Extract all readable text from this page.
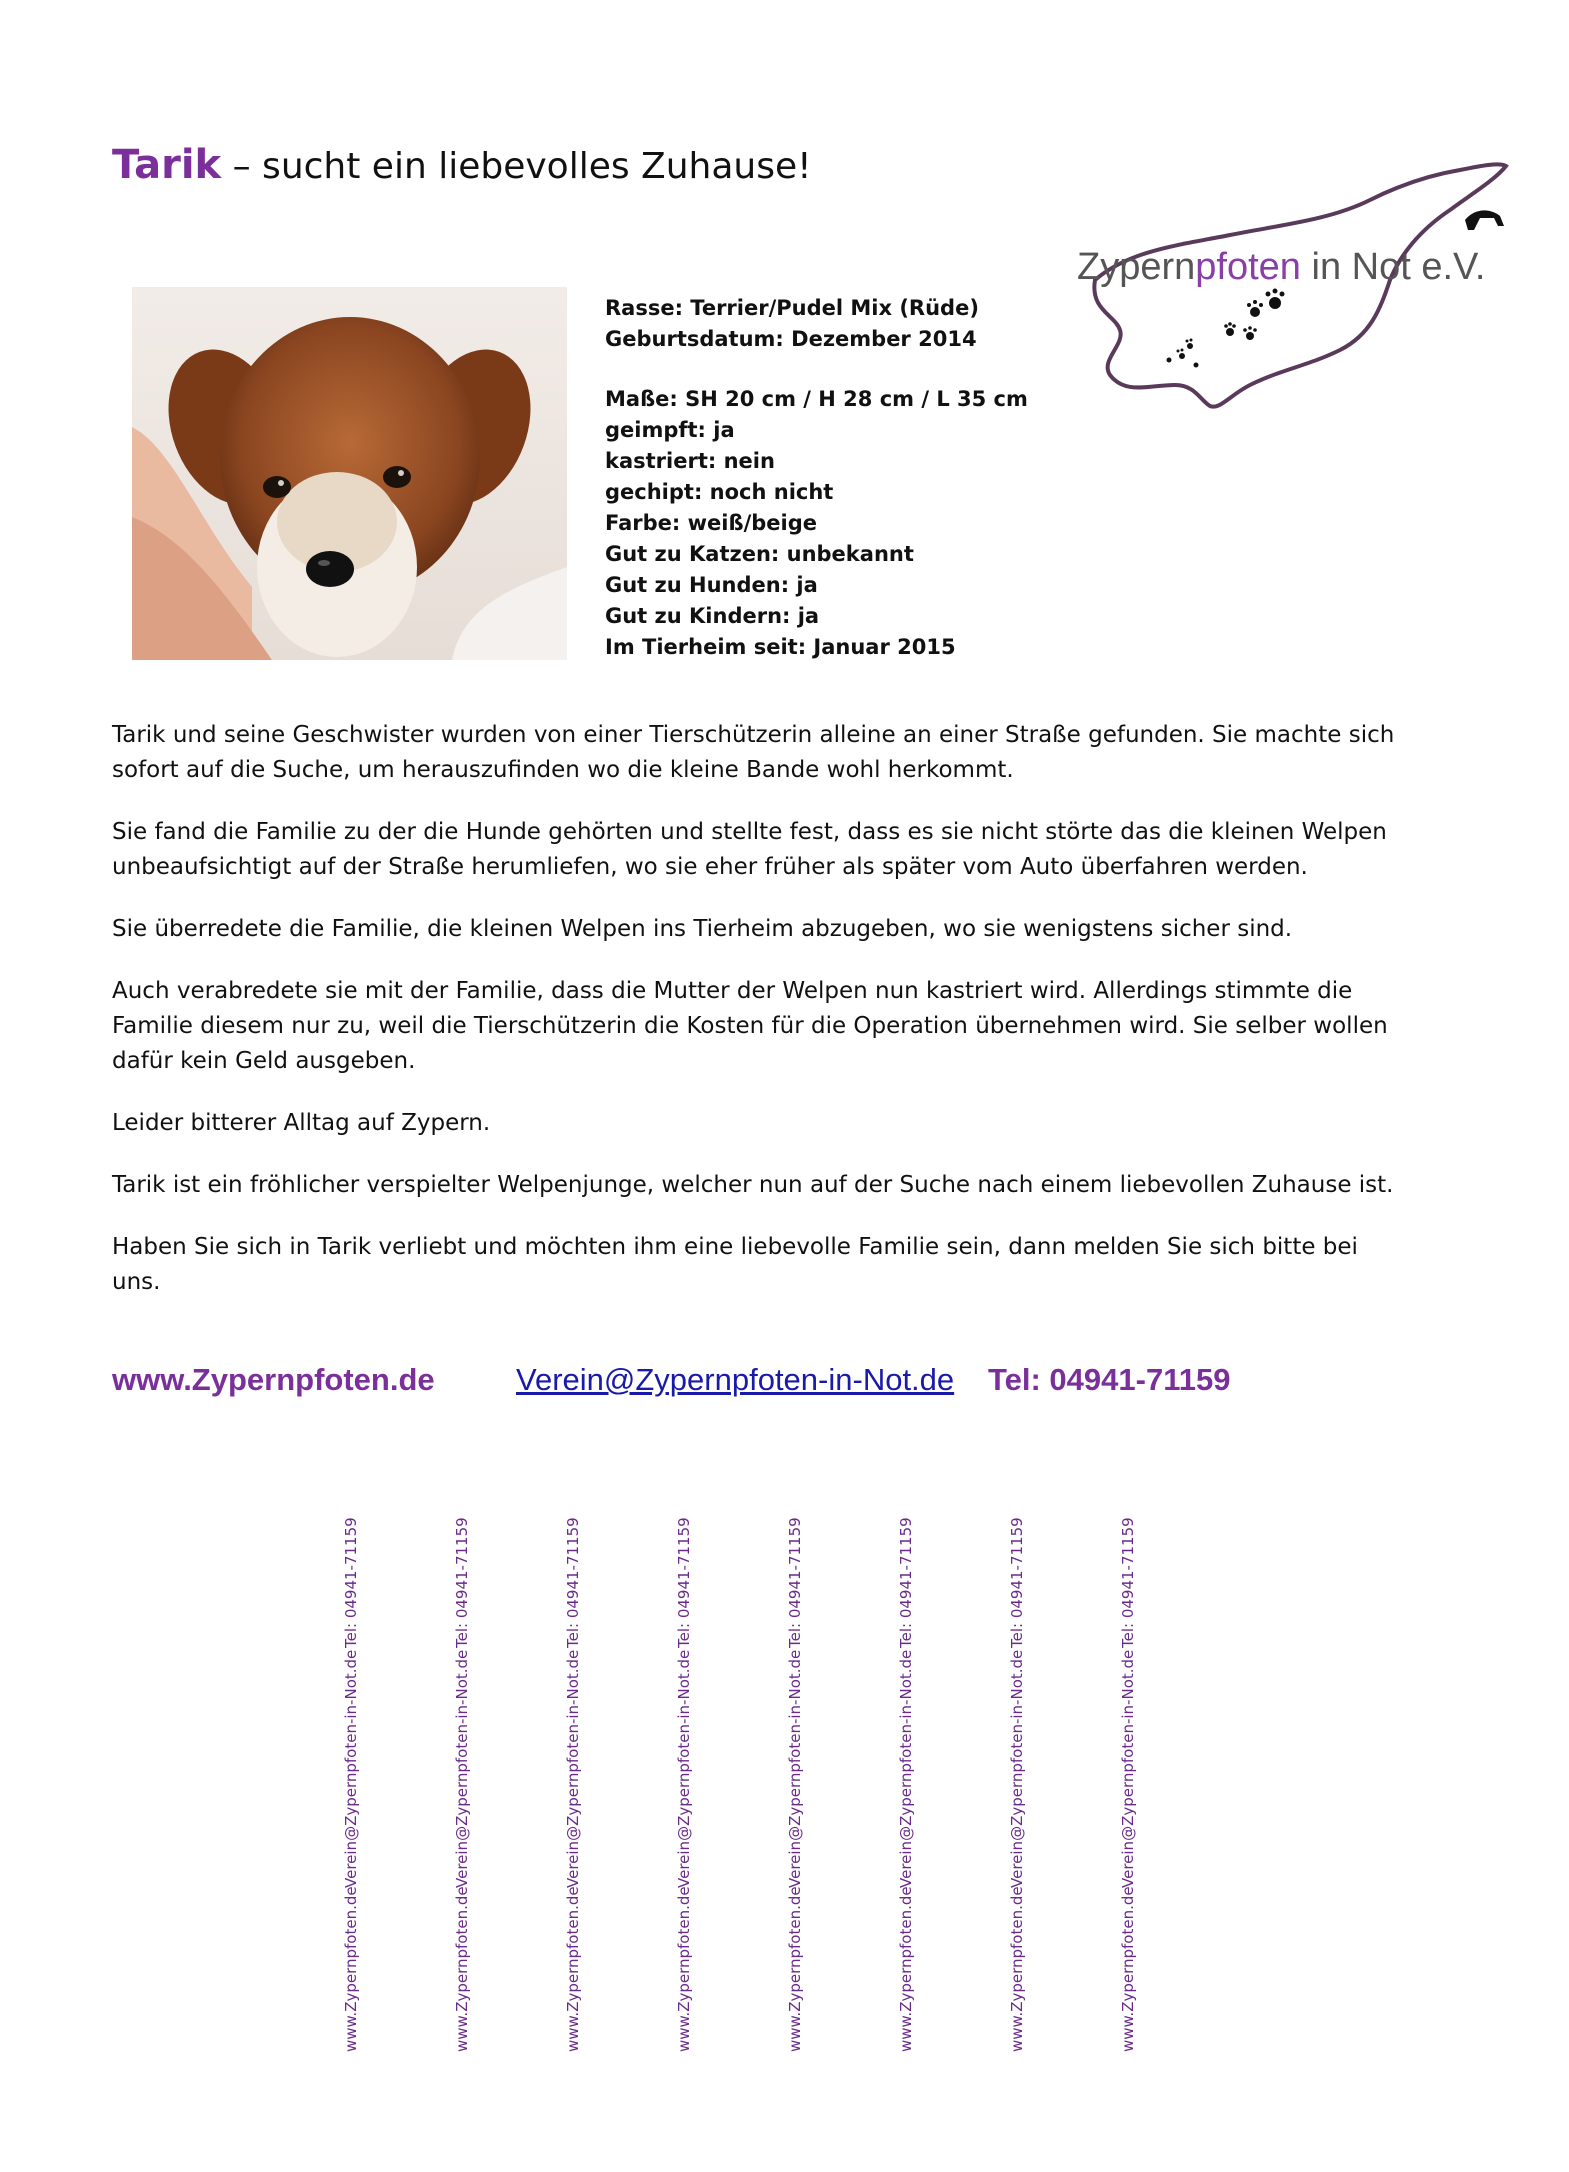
Tarik – sucht ein liebevolles Zuhause!
Rasse: Terrier/Pudel Mix (Rüde)
Geburtsdatum: Dezember 2014
Maße: SH 20 cm / H 28 cm / L 35 cm
geimpft: ja
kastriert: nein
gechipt: noch nicht
Farbe: weiß/beige
Gut zu Katzen: unbekannt
Gut zu Hunden: ja
Gut zu Kindern: ja
Im Tierheim seit: Januar 2015
Zypernpfoten in Not e.V.

Tarik und seine Geschwister wurden von einer Tierschützerin alleine an einer Straße gefunden. Sie machte sich sofort auf die Suche, um herauszufinden wo die kleine Bande wohl herkommt.

Sie fand die Familie zu der die Hunde gehörten und stellte fest, dass es sie nicht störte das die kleinen Welpen unbeaufsichtigt auf der Straße herumliefen, wo sie eher früher als später vom Auto überfahren werden.

Sie überredete die Familie, die kleinen Welpen ins Tierheim abzugeben, wo sie wenigstens sicher sind.

Auch verabredete sie mit der Familie, dass die Mutter der Welpen nun kastriert wird. Allerdings stimmte die Familie diesem nur zu, weil die Tierschützerin die Kosten für die Operation übernehmen wird. Sie selber wollen dafür kein Geld ausgeben.

Leider bitterer Alltag auf Zypern.

Tarik ist ein fröhlicher verspielter Welpenjunge, welcher nun auf der Suche nach einem liebevollen Zuhause ist.

Haben Sie sich in Tarik verliebt und möchten ihm eine liebevolle Familie sein, dann melden Sie sich bitte bei uns.

www.Zypernpfoten.de	Verein@Zypernpfoten-in-Not.de Tel: 04941-71159
Tel: 04941-71159
Verein@Zypernpfoten-in-Not.de
www.Zypernpfoten.de
Tel: 04941-71159
Verein@Zypernpfoten-in-Not.de
www.Zypernpfoten.de
Tel: 04941-71159
Verein@Zypernpfoten-in-Not.de
www.Zypernpfoten.de
Tel: 04941-71159
Verein@Zypernpfoten-in-Not.de
www.Zypernpfoten.de
Tel: 04941-71159
Verein@Zypernpfoten-in-Not.de
www.Zypernpfoten.de
Tel: 04941-71159
Verein@Zypernpfoten-in-Not.de
www.Zypernpfoten.de
Tel: 04941-71159
Verein@Zypernpfoten-in-Not.de
www.Zypernpfoten.de
Tel: 04941-71159
Verein@Zypernpfoten-in-Not.de
www.Zypernpfoten.de
